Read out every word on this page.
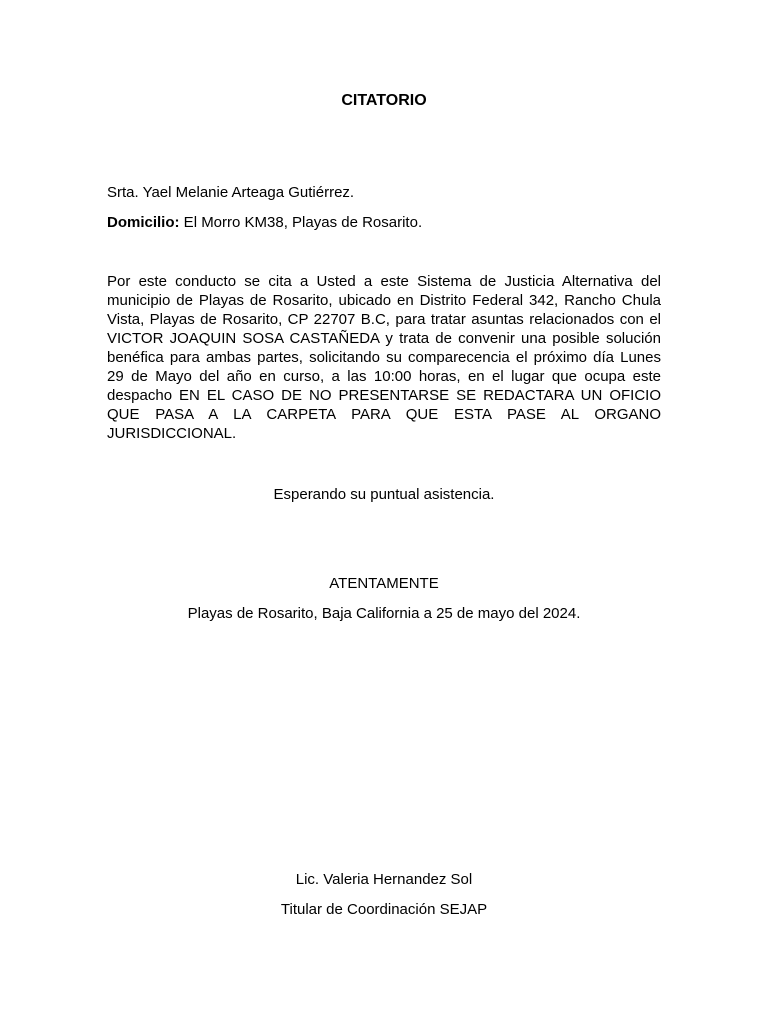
CITATORIO
Srta. Yael Melanie Arteaga Gutiérrez.
Domicilio: El Morro KM38, Playas de Rosarito.

Por este conducto se cita a Usted a este Sistema de Justicia Alternativa del municipio de Playas de Rosarito, ubicado en Distrito Federal 342, Rancho Chula Vista, Playas de Rosarito, CP 22707 B.C, para tratar asuntas relacionados con el VICTOR JOAQUIN SOSA CASTAÑEDA y trata de convenir una posible solución benéfica para ambas partes, solicitando su comparecencia el próximo día Lunes 29 de Mayo del año en curso, a las 10:00 horas, en el lugar que ocupa este despacho EN EL CASO DE NO PRESENTARSE SE REDACTARA UN OFICIO QUE PASA A LA CARPETA PARA QUE ESTA PASE AL ORGANO JURISDICCIONAL.

Esperando su puntual asistencia.
ATENTAMENTE
Playas de Rosarito, Baja California a 25 de mayo del 2024.
Lic. Valeria Hernandez Sol
Titular de Coordinación SEJAP
